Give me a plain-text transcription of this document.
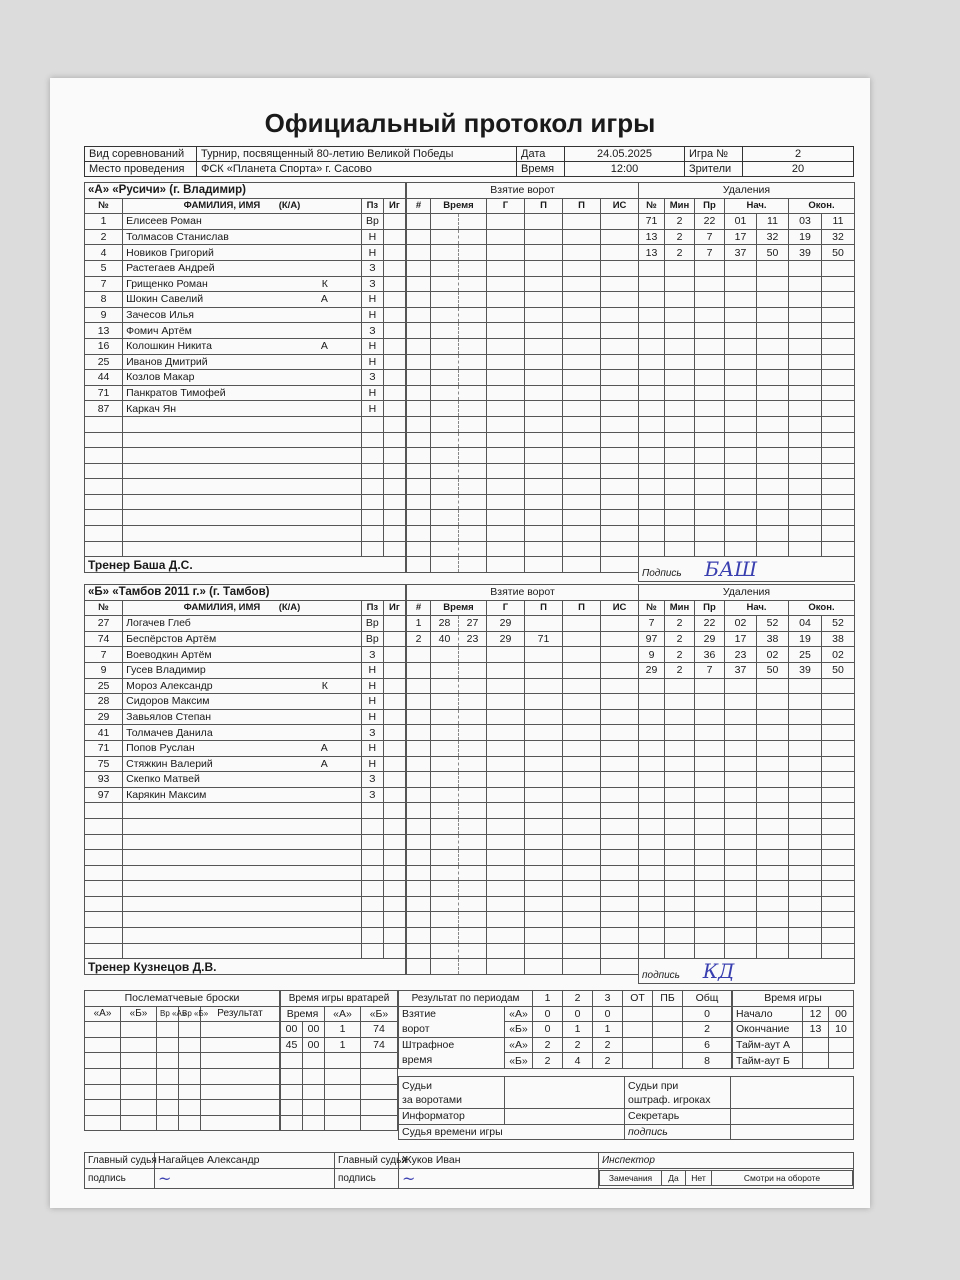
Официальный протокол игры
Вид соревнований	Турнир, посвященный 80-летию Великой Победы	Дата	24.05.2025	Игра №	2
Место проведения	ФСК «Планета Спорта» г. Сасово	Время	12:00	Зрители	20
«А» «Русичи» (г. Владимир)			
№	ФАМИЛИЯ, ИМЯ (К/А)	Пз	Иг
1	Елисеев Роман	Вр	
2	Толмасов Станислав	Н	
4	Новиков Григорий	Н	
5	Растегаев Андрей	З	
7	Грищенко Роман К	З	
8	Шокин Савелий А	Н	
9	Зачесов Илья	Н	
13	Фомич Артём	З	
16	Колошкин Никита А	Н	
25	Иванов Дмитрий	Н	
44	Козлов Макар	З	
71	Панкратов Тимофей	Н	
87	Каркач Ян	Н	

Тренер Баша Д.С.			
Взятие ворот						
#	Время		Г	П	П	ИС

Удаления						
№	Мин	Пр	Нач.		Окон.	
71	2	22	01	11	03	11
13	2	7	17	32	19	32
13	2	7	37	50	39	50

Подпись БАШ						
«Б» «Тамбов 2011 г.» (г. Тамбов)			
№	ФАМИЛИЯ, ИМЯ (К/А)	Пз	Иг
27	Логачев Глеб	Вр	
74	Беспёрстов Артём	Вр	
7	Воеводкин Артём	З	
9	Гусев Владимир	Н	
25	Мороз Александр К	Н	
28	Сидоров Максим	Н	
29	Завьялов Степан	Н	
41	Толмачев Данила	З	
71	Попов Руслан А	Н	
75	Стяжкин Валерий А	Н	
93	Скепко Матвей	З	
97	Карякин Максим	З	

Тренер Кузнецов Д.В.			
Взятие ворот						
#	Время		Г	П	П	ИС
1	28	27	29			
2	40	23	29	71		

Удаления						
№	Мин	Пр	Нач.		Окон.	
7	2	22	02	52	04	52
97	2	29	17	38	19	38
9	2	36	23	02	25	02
29	2	7	37	50	39	50

подпись КД						
Послематчевые броски				
«А»	«Б»	Вр «А»	Вр «Б»	Результат

Время игры вратарей			
Время		«А»	«Б»
00	00	1	74
45	00	1	74

Результат по периодам		1	2	3	ОТ	ПБ	Общ
Взятие	«А»	0	0	0			0
ворот	«Б»	0	1	1			2
Штрафное	«А»	2	2	2			6
время	«Б»	2	4	2			8
Время игры		
Начало	12	00
Окончание	13	10
Тайм-аут А		
Тайм-аут Б		
Судьи
за воротами		Судьи при
оштраф. игроках	
Информатор		Секретарь	
Судья времени игры		подпись	
Главный судья	Нагайцев Александр	Главный судья	Жуков Иван	Инспектор
подпись	~	подпись	~		Замечания	Да	Нет	Смотри на обороте
